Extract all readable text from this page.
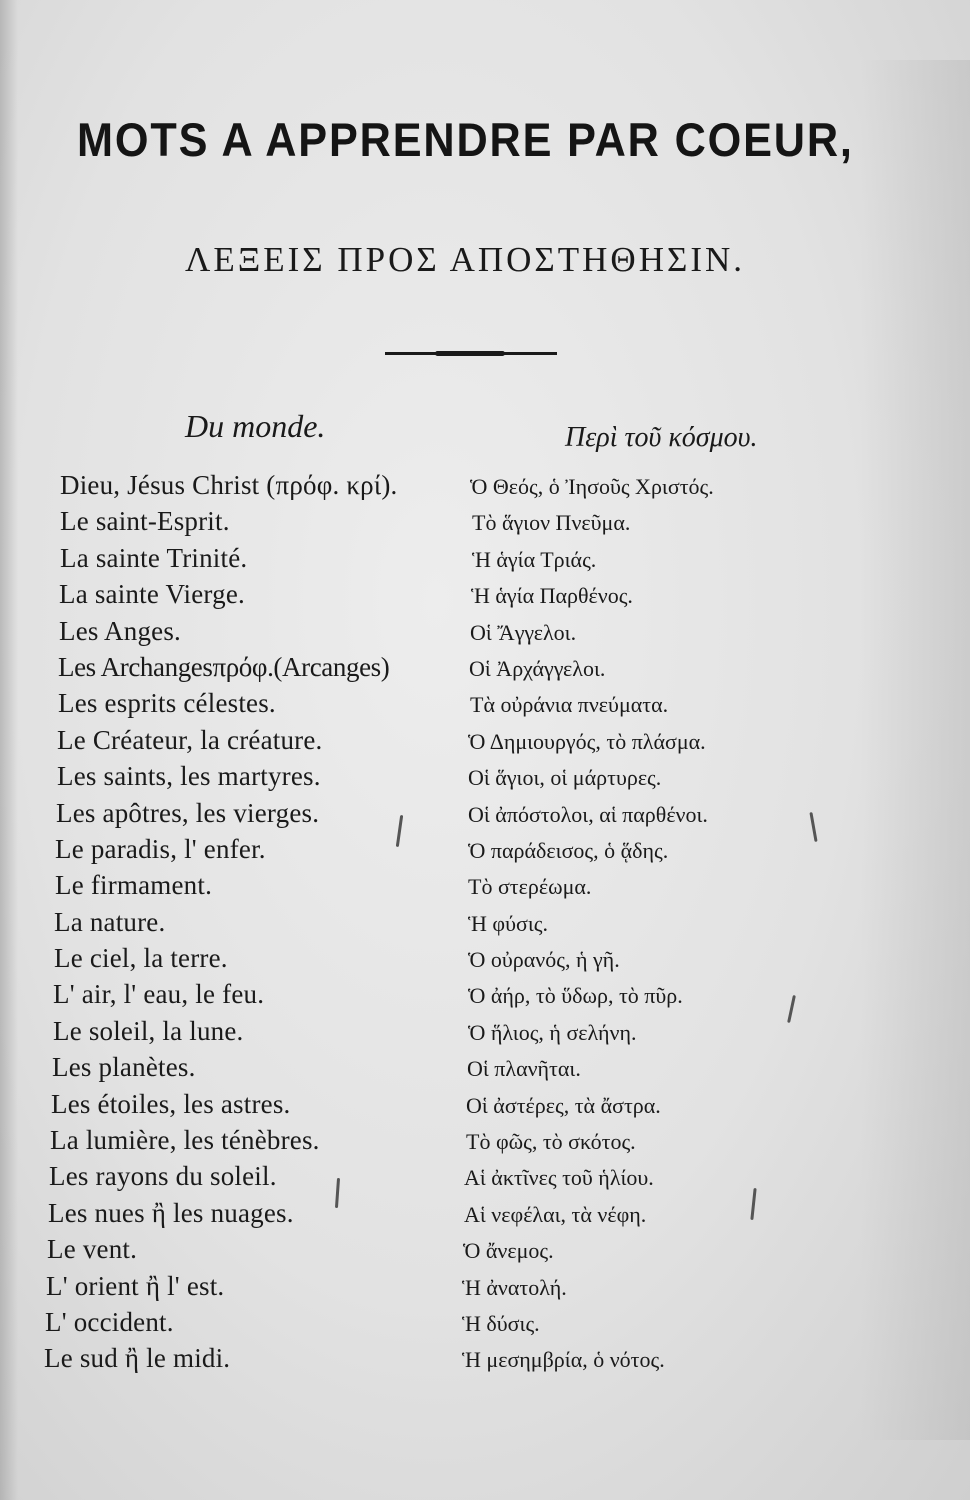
MOTS A APPRENDRE PAR COEUR,
ΛΕΞΕΙΣ ΠΡΟΣ ΑΠΟΣΤΗΘΗΣΙΝ.
Du monde.	Περὶ τοῦ κόσμου.
Dieu, Jésus Christ (πρόφ. κρί).	Ὁ Θεός, ὁ Ἰησοῦς Χριστός.
Le saint-Esprit.	Τὸ ἅγιον Πνεῦμα.
La sainte Trinité.	Ἡ ἁγία Τριάς.
La sainte Vierge.	Ἡ ἁγία Παρθένος.
Les Anges.	Οἱ Ἄγγελοι.
Les Archangesπρόφ.(Arcanges)	Οἱ Ἀρχάγγελοι.
Les esprits célestes.	Τὰ οὐράνια πνεύματα.
Le Créateur, la créature.	Ὁ Δημιουργός, τὸ πλάσμα.
Les saints, les martyres.	Οἱ ἅγιοι, οἱ μάρτυρες.
Les apôtres, les vierges.	Οἱ ἀπόστολοι, αἱ παρθένοι.
Le paradis, l' enfer.	Ὁ παράδεισος, ὁ ᾅδης.
Le firmament.	Τὸ στερέωμα.
La nature.	Ἡ φύσις.
Le ciel, la terre.	Ὁ οὐρανός, ἡ γῆ.
L' air, l' eau, le feu.	Ὁ ἀήρ, τὸ ὕδωρ, τὸ πῦρ.
Le soleil, la lune.	Ὁ ἥλιος, ἡ σελήνη.
Les planètes.	Οἱ πλανῆται.
Les étoiles, les astres.	Οἱ ἀστέρες, τὰ ἄστρα.
La lumière, les ténèbres.	Τὸ φῶς, τὸ σκότος.
Les rayons du soleil.	Αἱ ἀκτῖνες τοῦ ἡλίου.
Les nues ἢ les nuages.	Αἱ νεφέλαι, τὰ νέφη.
Le vent.	Ὁ ἄνεμος.
L' orient ἢ l' est.	Ἡ ἀνατολή.
L' occident.	Ἡ δύσις.
Le sud ἢ le midi.	Ἡ μεσημβρία, ὁ νότος.
